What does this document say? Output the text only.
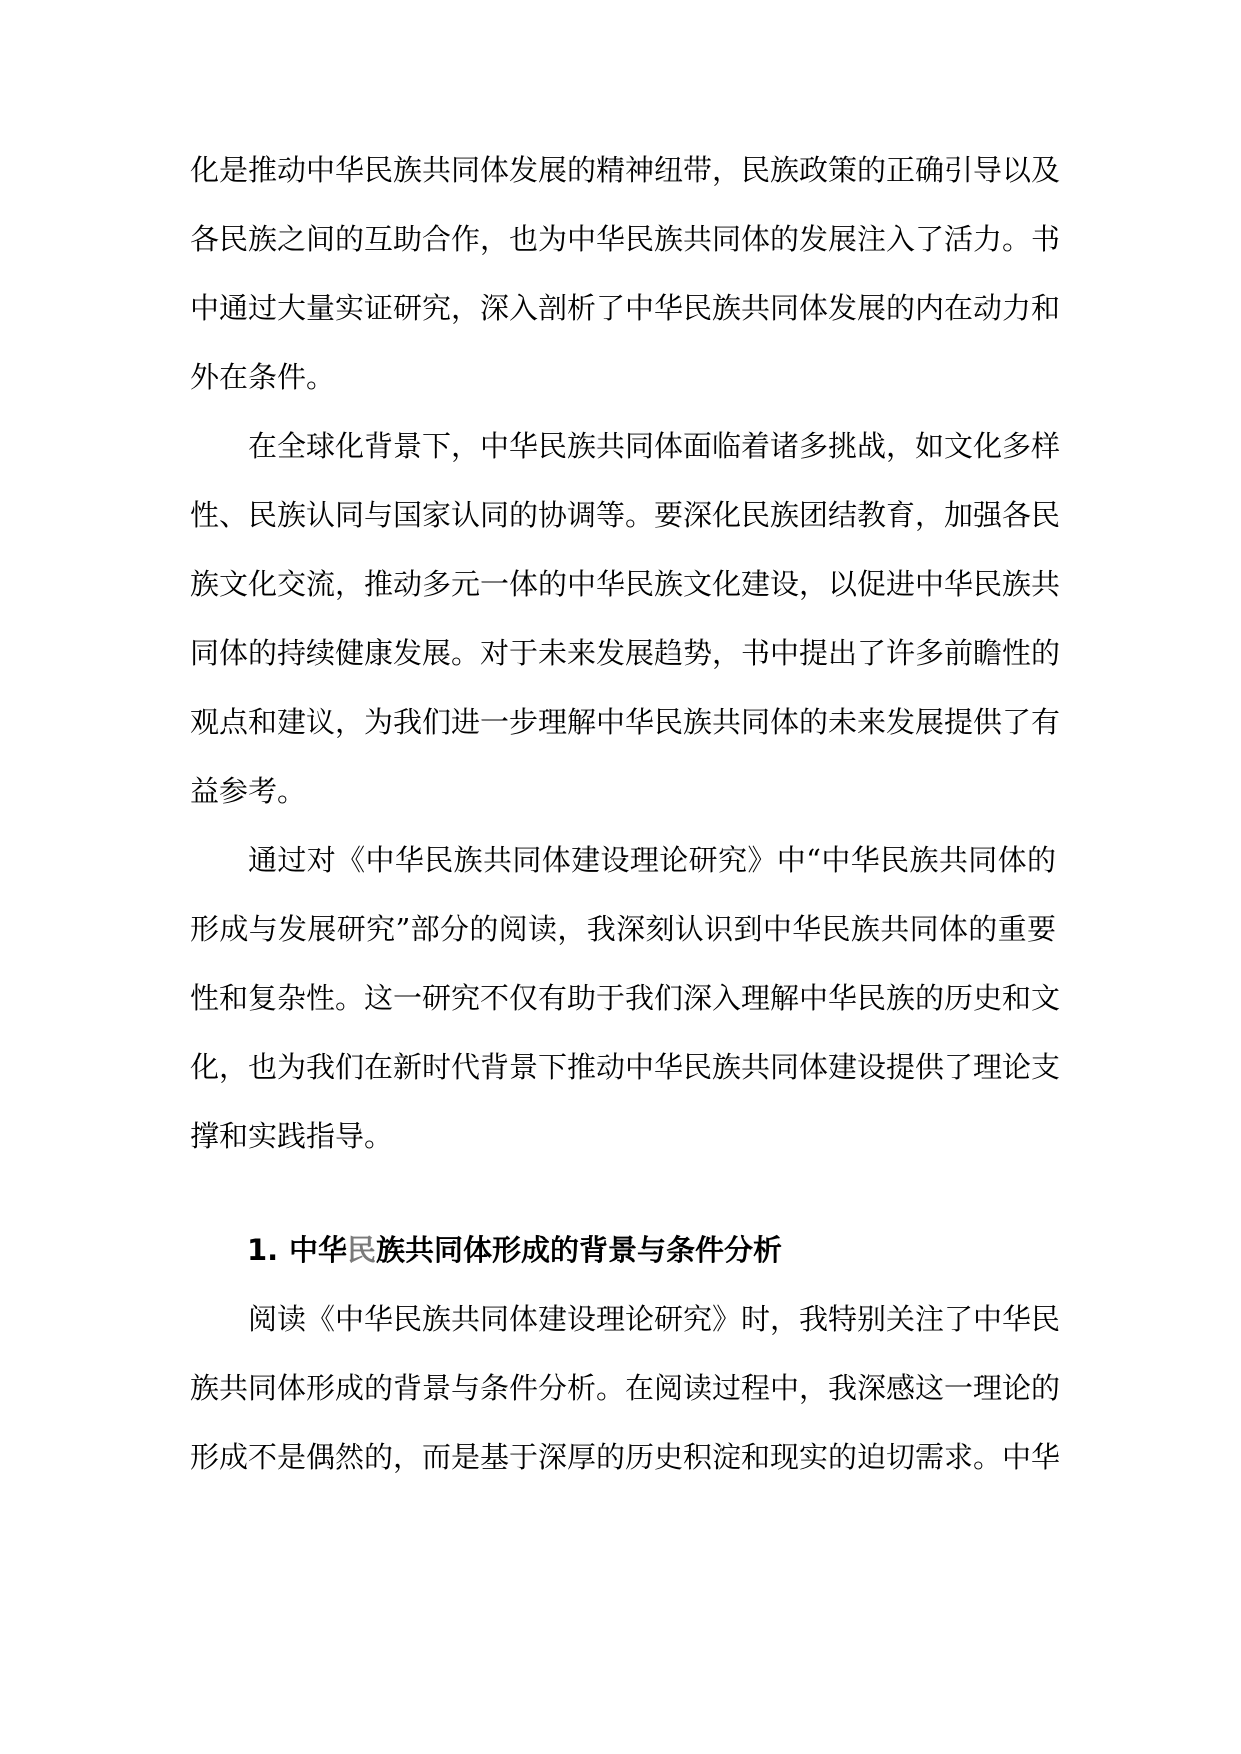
化是推动中华民族共同体发展的精神纽带，民族政策的正确引导以及
各民族之间的互助合作，也为中华民族共同体的发展注入了活力。书
中通过大量实证研究，深入剖析了中华民族共同体发展的内在动力和
外在条件。

在全球化背景下，中华民族共同体面临着诸多挑战，如文化多样
性、民族认同与国家认同的协调等。要深化民族团结教育，加强各民
族文化交流，推动多元一体的中华民族文化建设，以促进中华民族共
同体的持续健康发展。对于未来发展趋势，书中提出了许多前瞻性的
观点和建议，为我们进一步理解中华民族共同体的未来发展提供了有
益参考。

通过对《中华民族共同体建设理论研究》中“中华民族共同体的
形成与发展研究”部分的阅读，我深刻认识到中华民族共同体的重要
性和复杂性。这一研究不仅有助于我们深入理解中华民族的历史和文
化，也为我们在新时代背景下推动中华民族共同体建设提供了理论支
撑和实践指导。

1. 中华民族共同体形成的背景与条件分析

阅读《中华民族共同体建设理论研究》时，我特别关注了中华民
族共同体形成的背景与条件分析。在阅读过程中，我深感这一理论的
形成不是偶然的，而是基于深厚的历史积淀和现实的迫切需求。中华
